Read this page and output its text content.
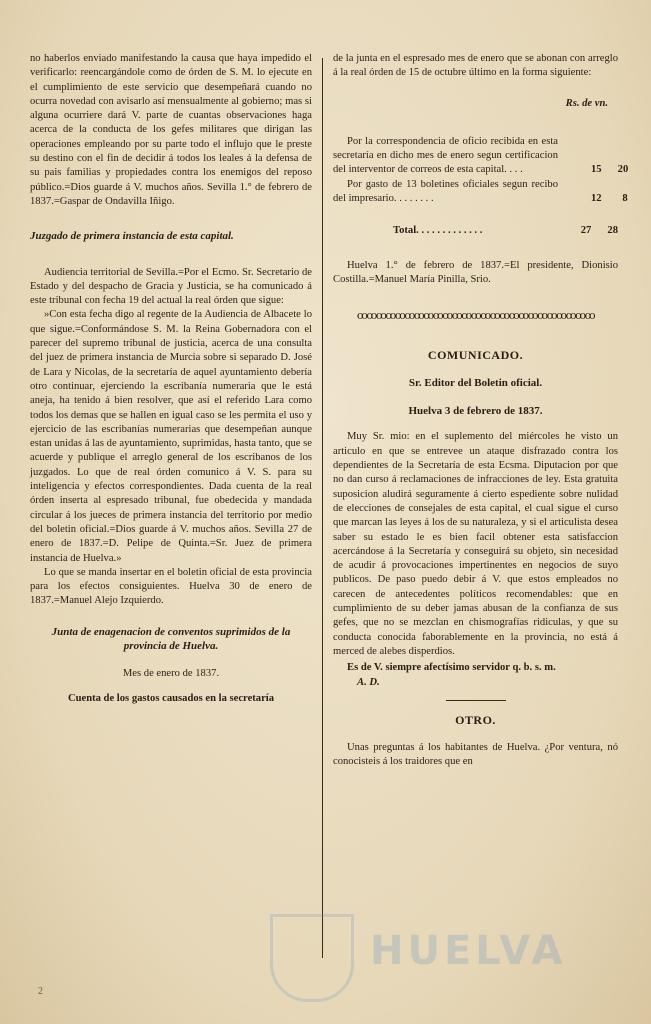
no haberlos enviado manifestando la causa que haya impedido el verificarlo: reencargándole como de órden de S. M. lo ejecute en el cumplimiento de este servicio que desempeñará cuando no ocurra novedad con avisarlo así mensualmente al gobierno; mas si alguna ocurriere dará V. parte de cuantas observaciones haga acerca de la conducta de los gefes militares que dirigan las operaciones empleando por su parte todo el influjo que le preste su destino con el fin de decidir á todos los leales á la defensa de su pais familias y propiedades contra los enemigos del reposo público.=Dios guarde á V. muchos años. Sevilla 1.° de febrero de 1837.=Gaspar de Ondavilla Iñigo.

Juzgado de primera instancia de esta capital.

Audiencia territorial de Sevilla.=Por el Ecmo. Sr. Secretario de Estado y del despacho de Gracia y Justicia, se ha comunicado á este tribunal con fecha 19 del actual la real órden que sigue:

»Con esta fecha digo al regente de la Audiencia de Albacete lo que sigue.=Conformándose S. M. la Reina Gobernadora con el parecer del supremo tribunal de justicia, acerca de una consulta del juez de primera instancia de Murcia sobre si separado D. José de Lara y Nicolas, de la secretaría de aquel ayuntamiento debería otro continuar, ejerciendo la escribanía numeraria que le está aneja, ha tenido á bien resolver, que así el referido Lara como todos los demas que se hallen en igual caso se les permita el uso y ejercicio de las escribanías numerarias que desempeñan aunque estan unidas á las de ayuntamiento, suprimidas, hasta tanto, que se acuerde y publique el arreglo general de los escribanos de los juzgados. Lo que de real órden comunico á V. S. para su inteligencia y efectos correspondientes. Dada cuenta de la real órden inserta al espresado tribunal, fue obedecida y mandada circular á los jueces de primera instancia del territorio por medio del boletin oficial.=Dios guarde á V. muchos años. Sevilla 27 de enero de 1837.=D. Pelipe de Quinta.=Sr. Juez de primera instancia de Huelva.»

Lo que se manda insertar en el boletin oficial de esta provincia para los efectos consiguientes. Huelva 30 de enero de 1837.=Manuel Alejo Izquierdo.

Junta de enagenacion de conventos suprimidos de la provincia de Huelva.

Mes de enero de 1837.

Cuenta de los gastos causados en la secretaría

de la junta en el espresado mes de enero que se abonan con arreglo á la real órden de 15 de octubre último en la forma siguiente:

Rs. de vn.

Por la correspondencia de oficio recibida en esta secretaría en dicho mes de enero segun certificacion del interventor de correos de esta capital. . . .	15 20
Por gasto de 13 boletines oficiales segun recibo del impresario. . . . . . . .	12 8
Total. . . . . . . . . . . . .	27 28

Huelva 1.° de febrero de 1837.=El presidente, Dionisio Costilla.=Manuel María Pinilla, Srio.

ꝏꝏꝏꝏꝏꝏꝏꝏꝏꝏꝏꝏꝏꝏꝏꝏꝏꝏꝏꝏꝏꝏꝏꝏꝏ

COMUNICADO.

Sr. Editor del Boletin oficial.

Huelva 3 de febrero de 1837.

Muy Sr. mio: en el suplemento del miércoles he visto un articulo en que se entrevee un ataque disfrazado contra los dependientes de la Secretaría de esta Ecsma. Diputacion por que no dan curso á reclamaciones de infracciones de ley. Esta gratuita suposicion aludirá seguramente á cierto espediente sobre nulidad de elecciones de consejales de esta capital, el cual sigue el curso que marcan las leyes á los de su naturaleza, y si el articulista desea saber su estado le es bien facil obtener esta satisfaccion acercándose á la Secretaría y conseguirá su objeto, sin necesidad de acudir á provocaciones impertinentes en negocios de suyo publicos. De paso puedo debir á V. que estos empleados no carecen de antecedentes políticos recomendables: que en cumplimiento de su deber jamas abusan de la confianza de sus gefes, que no se mezclan en chismografías ridiculas, y que su conducta conocida faborablemente en la provincia, no está á merced de alebes disperdios.

Es de V. siempre afectísimo servidor q. b. s. m.

A. D.

OTRO.

Unas preguntas á los habitantes de Huelva. ¿Por ventura, nó conocisteis á los traidores que en

HUELVA
2
